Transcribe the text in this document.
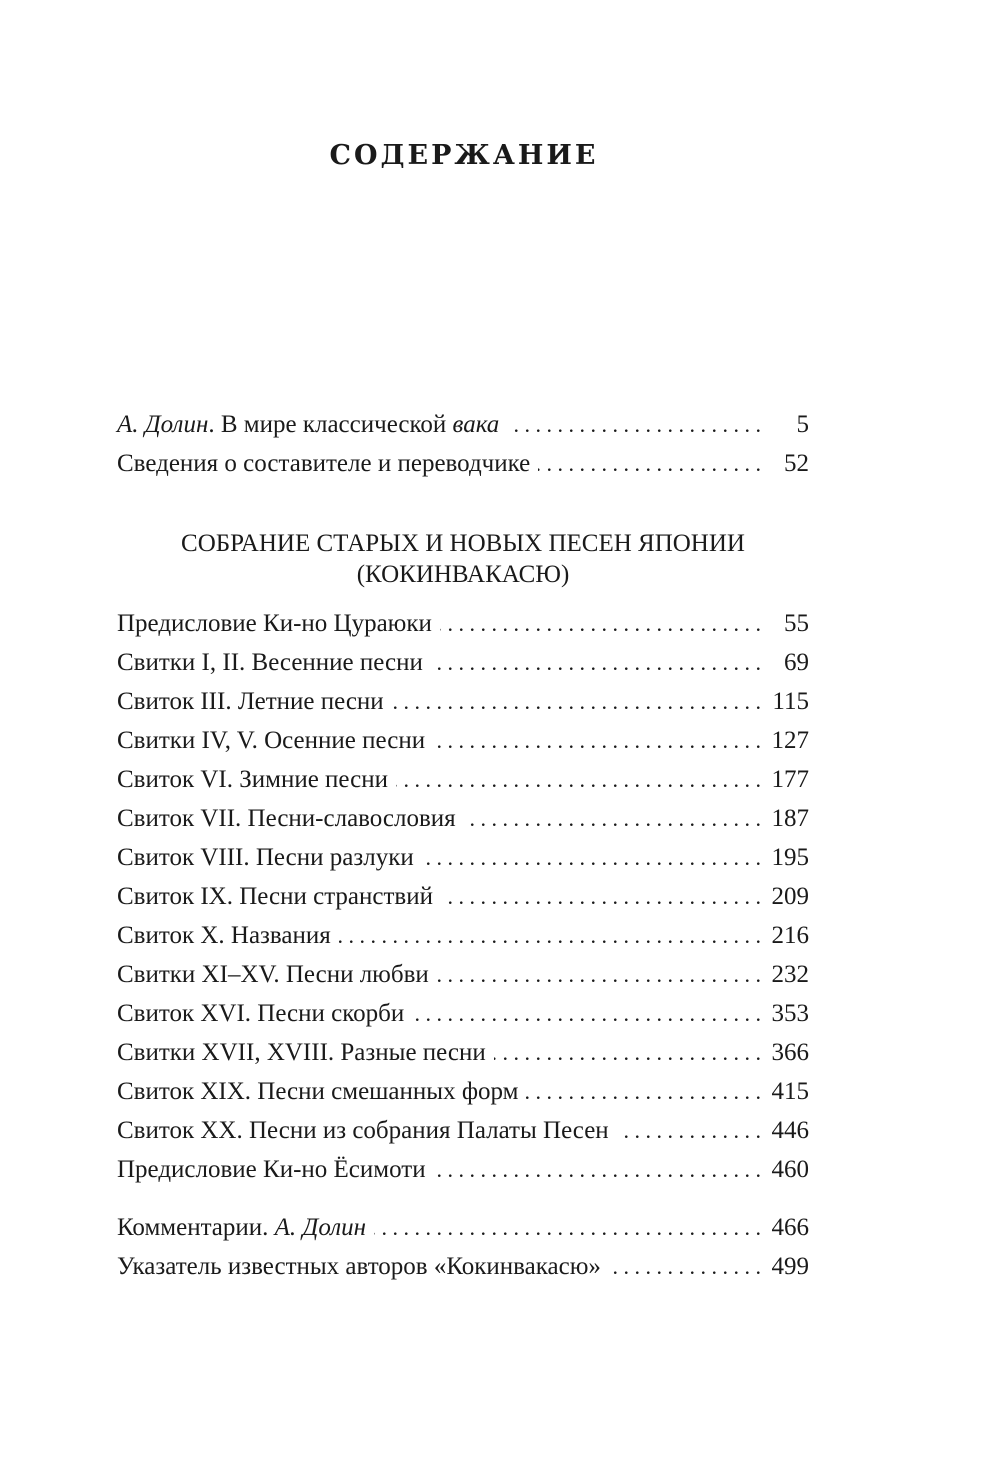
СОДЕРЖАНИЕ
А. Долин. В мире классической вака . . .	5
Сведения о составителе и переводчике . . .	52
СОБРАНИЕ СТАРЫХ И НОВЫХ ПЕСЕН ЯПОНИИ
(КОКИНВАКАСЮ)
Предисловие Ки-но Цураюки . . .	55
Свитки I, II. Весенние песни . . .	69
Свиток III. Летние песни . . .	115
Свитки IV, V. Осенние песни . . .	127
Свиток VI. Зимние песни . . .	177
Свиток VII. Песни-славословия . . .	187
Свиток VIII. Песни разлуки . . .	195
Свиток IX. Песни странствий . . .	209
Свиток X. Названия . . .	216
Свитки XI–XV. Песни любви . . .	232
Свиток XVI. Песни скорби . . .	353
Свитки XVII, XVIII. Разные песни . . .	366
Свиток XIX. Песни смешанных форм . . .	415
Свиток XX. Песни из собрания Палаты Песен . . .	446
Предисловие Ки-но Ёсимоти . . .	460
Комментарии. А. Долин . . .	466
Указатель известных авторов «Кокинвакасю» . . .	499
